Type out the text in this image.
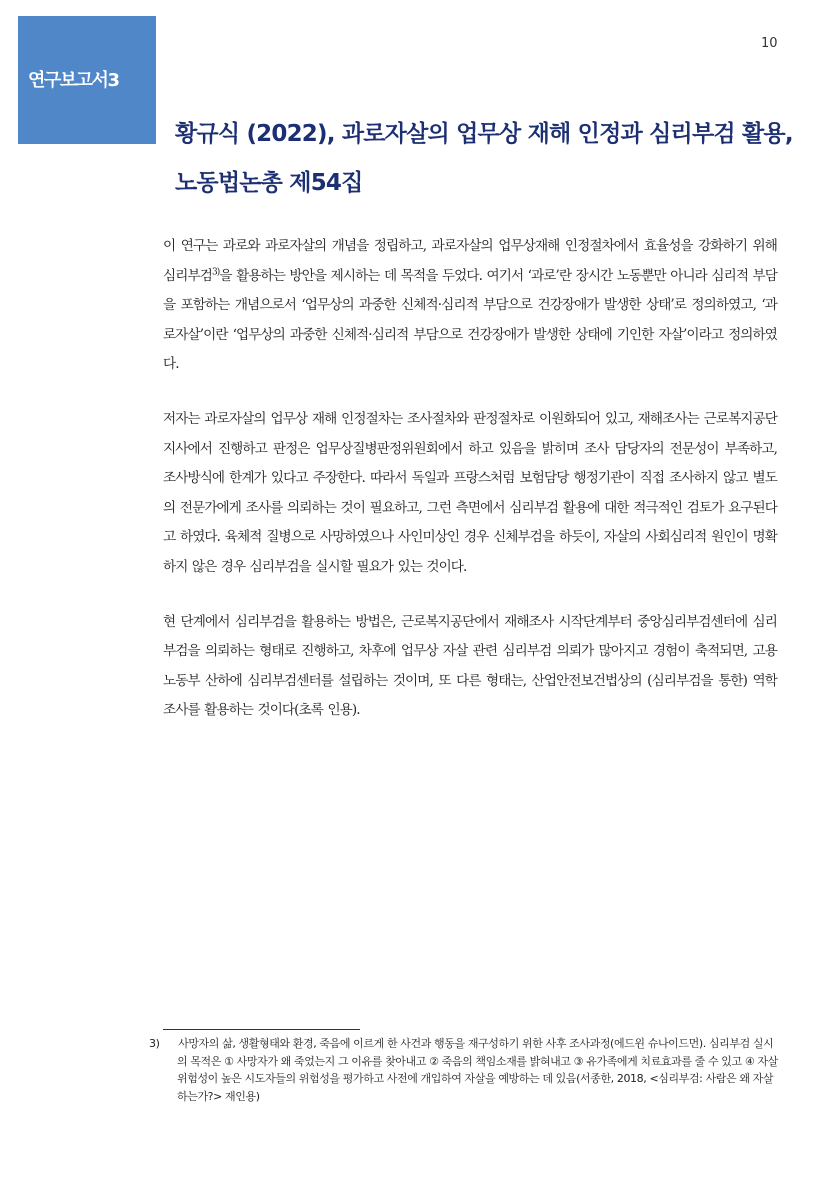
연구보고서3
10
황규식 (2022), 과로자살의 업무상 재해 인정과 심리부검 활용, 노동법논총 제54집

이 연구는 과로와 과로자살의 개념을 정립하고, 과로자살의 업무상재해 인정절차에서 효율성을 강화하기 위해 심리부검$^{3)}$을 활용하는 방안을 제시하는 데 목적을 두었다. 여기서 ‘과로’란 장시간 노동뿐만 아니라 심리적 부담을 포함하는 개념으로서 ‘업무상의 과중한 신체적·심리적 부담으로 건강장애가 발생한 상태’로 정의하였고, ‘과로자살’이란 ‘업무상의 과중한 신체적·심리적 부담으로 건강장애가 발생한 상태에 기인한 자살’이라고 정의하였다.

저자는 과로자살의 업무상 재해 인정절차는 조사절차와 판정절차로 이원화되어 있고, 재해조사는 근로복지공단 지사에서 진행하고 판정은 업무상질병판정위원회에서 하고 있음을 밝히며 조사 담당자의 전문성이 부족하고, 조사방식에 한계가 있다고 주장한다. 따라서 독일과 프랑스처럼 보험담당 행정기관이 직접 조사하지 않고 별도의 전문가에게 조사를 의뢰하는 것이 필요하고, 그런 측면에서 심리부검 활용에 대한 적극적인 검토가 요구된다고 하였다. 육체적 질병으로 사망하였으나 사인미상인 경우 신체부검을 하듯이, 자살의 사회심리적 원인이 명확하지 않은 경우 심리부검을 실시할 필요가 있는 것이다.

현 단계에서 심리부검을 활용하는 방법은, 근로복지공단에서 재해조사 시작단계부터 중앙심리부검센터에 심리부검을 의뢰하는 형태로 진행하고, 차후에 업무상 자살 관련 심리부검 의뢰가 많아지고 경험이 축적되면, 고용노동부 산하에 심리부검센터를 설립하는 것이며, 또 다른 형태는, 산업안전보건법상의 (심리부검을 통한) 역학조사를 활용하는 것이다(초록 인용).

3) 사망자의 삶, 생활형태와 환경, 죽음에 이르게 한 사건과 행동을 재구성하기 위한 사후 조사과정(에드윈 슈나이드먼). 심리부검 실시의 목적은 ① 사망자가 왜 죽었는지 그 이유를 찾아내고 ② 죽음의 책임소재를 밝혀내고 ③ 유가족에게 치료효과를 줄 수 있고 ④ 자살위험성이 높은 시도자들의 위험성을 평가하고 사전에 개입하여 자살을 예방하는 데 있음(서종한, 2018, <심리부검: 사람은 왜 자살하는가?> 재인용)
